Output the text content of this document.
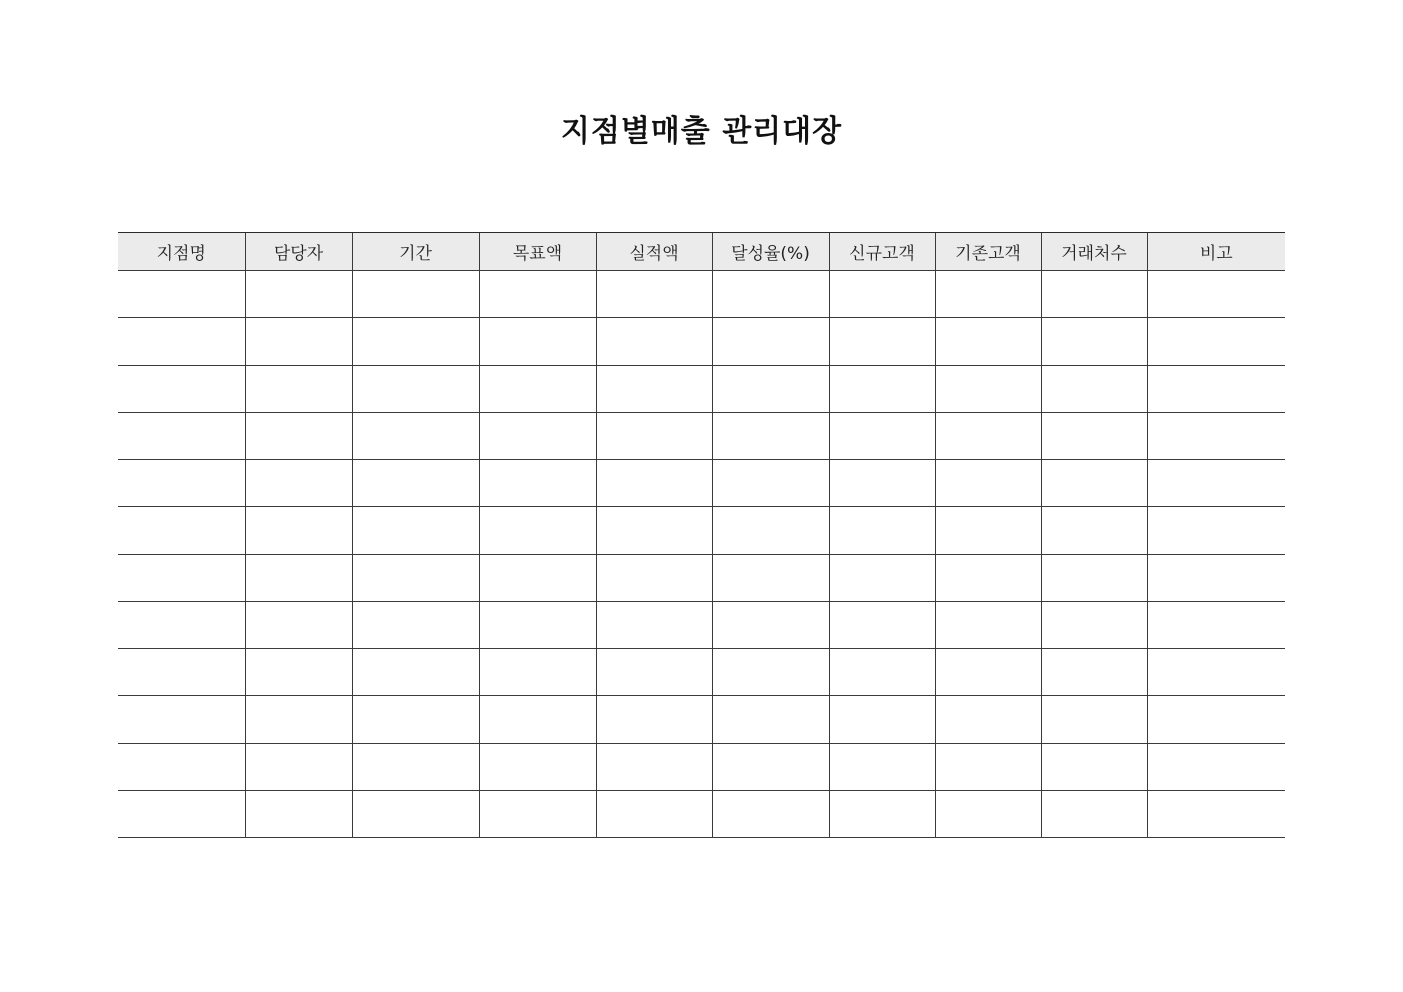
지점별매출 관리대장
지점명	담당자	기간	목표액	실적액	달성율(%)	신규고객	기존고객	거래처수	비고
